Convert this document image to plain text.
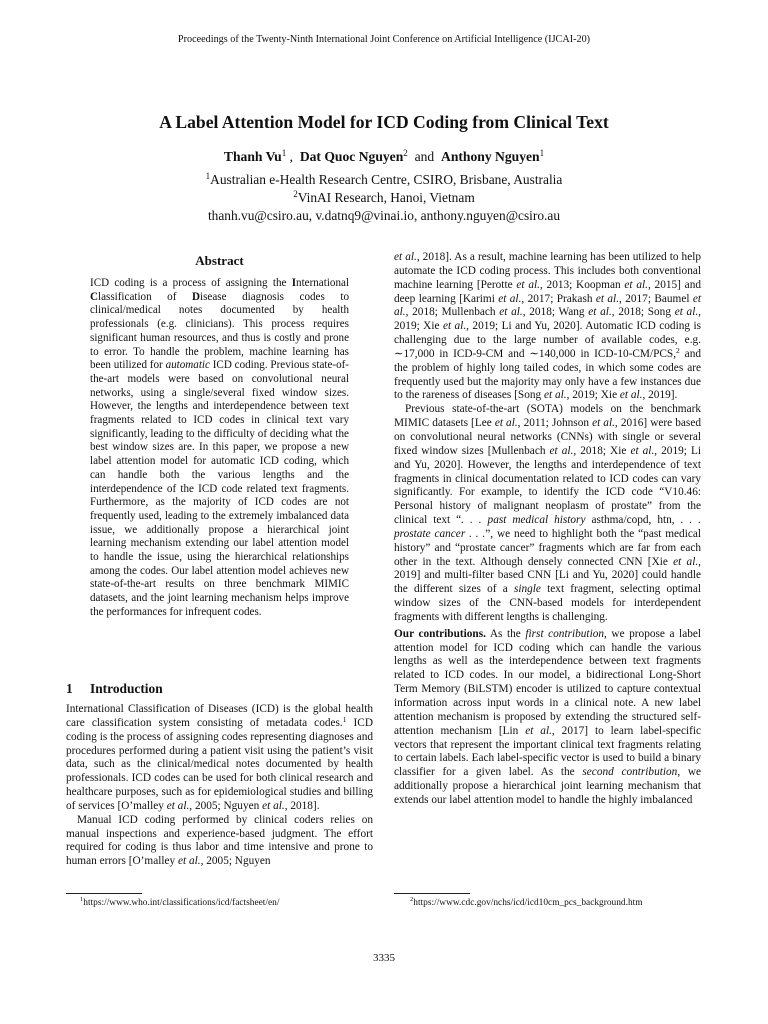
Proceedings of the Twenty-Ninth International Joint Conference on Artificial Intelligence (IJCAI-20)
A Label Attention Model for ICD Coding from Clinical Text
Thanh Vu$^1$ ,  Dat Quoc Nguyen$^2$  and  Anthony Nguyen$^1$
$^1$Australian e-Health Research Centre, CSIRO, Brisbane, Australia
$^2$VinAI Research, Hanoi, Vietnam
thanh.vu@csiro.au, v.datnq9@vinai.io, anthony.nguyen@csiro.au
Abstract

ICD coding is a process of assigning the International Classification of Disease diagnosis codes to clinical/medical notes documented by health professionals (e.g. clinicians). This process requires significant human resources, and thus is costly and prone to error. To handle the problem, machine learning has been utilized for automatic ICD coding. Previous state-of-the-art models were based on convolutional neural networks, using a single/several fixed window sizes. However, the lengths and interdependence between text fragments related to ICD codes in clinical text vary significantly, leading to the difficulty of deciding what the best window sizes are. In this paper, we propose a new label attention model for automatic ICD coding, which can handle both the various lengths and the interdependence of the ICD code related text fragments. Furthermore, as the majority of ICD codes are not frequently used, leading to the extremely imbalanced data issue, we additionally propose a hierarchical joint learning mechanism extending our label attention model to handle the issue, using the hierarchical relationships among the codes. Our label attention model achieves new state-of-the-art results on three benchmark MIMIC datasets, and the joint learning mechanism helps improve the performances for infrequent codes.

1 Introduction

International Classification of Diseases (ICD) is the global health care classification system consisting of metadata codes.$^1$ ICD coding is the process of assigning codes representing diagnoses and procedures performed during a patient visit using the patient’s visit data, such as the clinical/medical notes documented by health professionals. ICD codes can be used for both clinical research and healthcare purposes, such as for epidemiological studies and billing of services [O’malley et al., 2005; Nguyen et al., 2018].

Manual ICD coding performed by clinical coders relies on manual inspections and experience-based judgment. The effort required for coding is thus labor and time intensive and prone to human errors [O’malley et al., 2005; Nguyen

et al., 2018]. As a result, machine learning has been utilized to help automate the ICD coding process. This includes both conventional machine learning [Perotte et al., 2013; Koopman et al., 2015] and deep learning [Karimi et al., 2017; Prakash et al., 2017; Baumel et al., 2018; Mullenbach et al., 2018; Wang et al., 2018; Song et al., 2019; Xie et al., 2019; Li and Yu, 2020]. Automatic ICD coding is challenging due to the large number of available codes, e.g. ∼17,000 in ICD-9-CM and ∼140,000 in ICD-10-CM/PCS,$^2$ and the problem of highly long tailed codes, in which some codes are frequently used but the majority may only have a few instances due to the rareness of diseases [Song et al., 2019; Xie et al., 2019].

Previous state-of-the-art (SOTA) models on the benchmark MIMIC datasets [Lee et al., 2011; Johnson et al., 2016] were based on convolutional neural networks (CNNs) with single or several fixed window sizes [Mullenbach et al., 2018; Xie et al., 2019; Li and Yu, 2020]. However, the lengths and interdependence of text fragments in clinical documentation related to ICD codes can vary significantly. For example, to identify the ICD code “V10.46: Personal history of malignant neoplasm of prostate” from the clinical text “. . . past medical history asthma/copd, htn, . . . prostate cancer . . .”, we need to highlight both the “past medical history” and “prostate cancer” fragments which are far from each other in the text. Although densely connected CNN [Xie et al., 2019] and multi-filter based CNN [Li and Yu, 2020] could handle the different sizes of a single text fragment, selecting optimal window sizes of the CNN-based models for interdependent fragments with different lengths is challenging.

Our contributions. As the first contribution, we propose a label attention model for ICD coding which can handle the various lengths as well as the interdependence between text fragments related to ICD codes. In our model, a bidirectional Long-Short Term Memory (BiLSTM) encoder is utilized to capture contextual information across input words in a clinical note. A new label attention mechanism is proposed by extending the structured self-attention mechanism [Lin et al., 2017] to learn label-specific vectors that represent the important clinical text fragments relating to certain labels. Each label-specific vector is used to build a binary classifier for a given label. As the second contribution, we additionally propose a hierarchical joint learning mechanism that extends our label attention model to handle the highly imbalanced

$^1$https://www.who.int/classifications/icd/factsheet/en/	$^2$https://www.cdc.gov/nchs/icd/icd10cm_pcs_background.htm
3335
